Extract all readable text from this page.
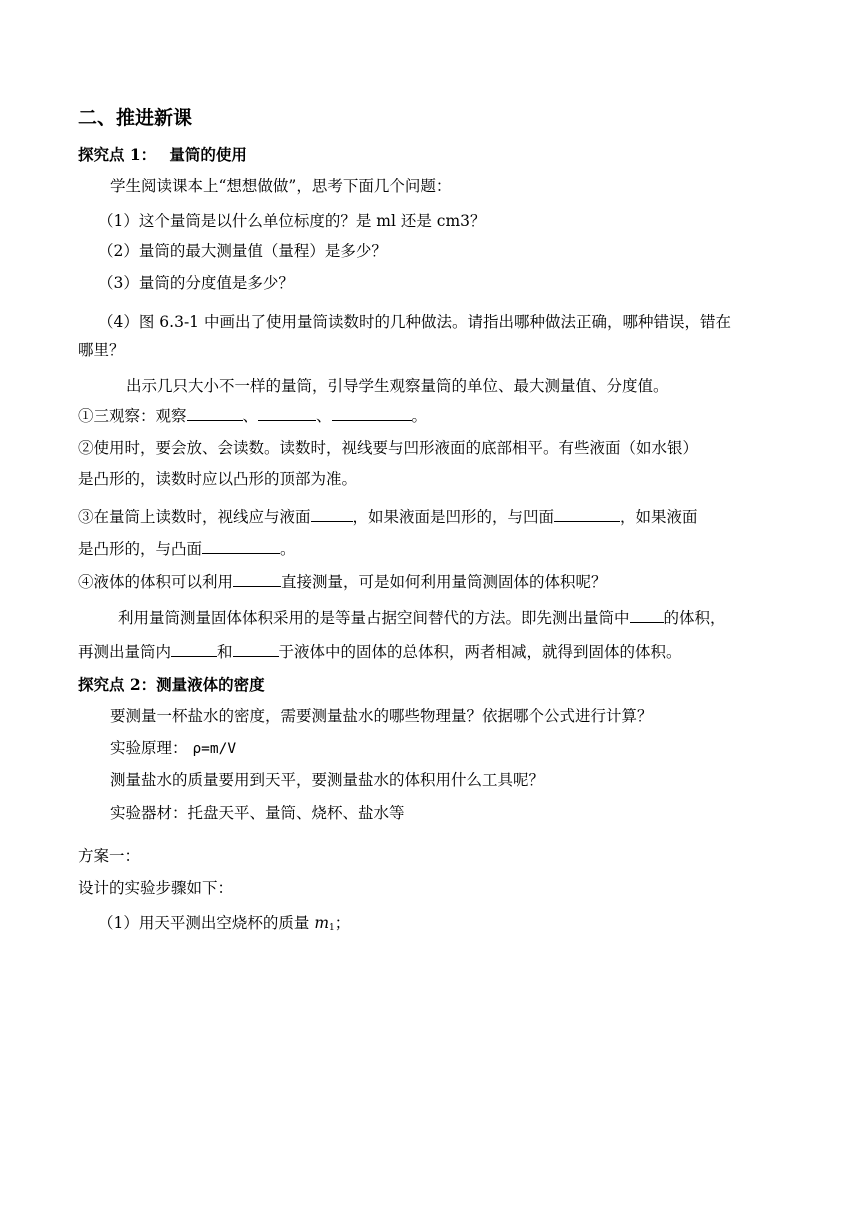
二、推进新课
探究点 1：　 量筒的使用
学生阅读课本上“想想做做”，思考下面几个问题：
（1）这个量筒是以什么单位标度的？是 ml 还是 cm3？
（2）量筒的最大测量值（量程）是多少？
（3）量筒的分度值是多少？
（4）图 6.3-1 中画出了使用量筒读数时的几种做法。请指出哪种做法正确，哪种错误，错在
哪里？
出示几只大小不一样的量筒，引导学生观察量筒的单位、最大测量值、分度值。
①三观察：观察	、	、	。
②使用时，要会放、会读数。读数时，视线要与凹形液面的底部相平。有些液面（如水银）
是凸形的，读数时应以凸形的顶部为准。
③在量筒上读数时，视线应与液面	，如果液面是凹形的，与凹面	，如果液面
是凸形的，与凸面	。
④液体的体积可以利用	直接测量，可是如何利用量筒测固体的体积呢？
利用量筒测量固体体积采用的是等量占据空间替代的方法。即先测出量筒中 的体积，
再测出量筒内	和	于液体中的固体的总体积，两者相减，就得到固体的体积。
探究点 2：测量液体的密度
要测量一杯盐水的密度，需要测量盐水的哪些物理量？依据哪个公式进行计算？
实验原理： ρ=m/V
测量盐水的质量要用到天平，要测量盐水的体积用什么工具呢？
实验器材：托盘天平、量筒、烧杯、盐水等
方案一：
设计的实验步骤如下：
（1）用天平测出空烧杯的质量 $m_1$；
